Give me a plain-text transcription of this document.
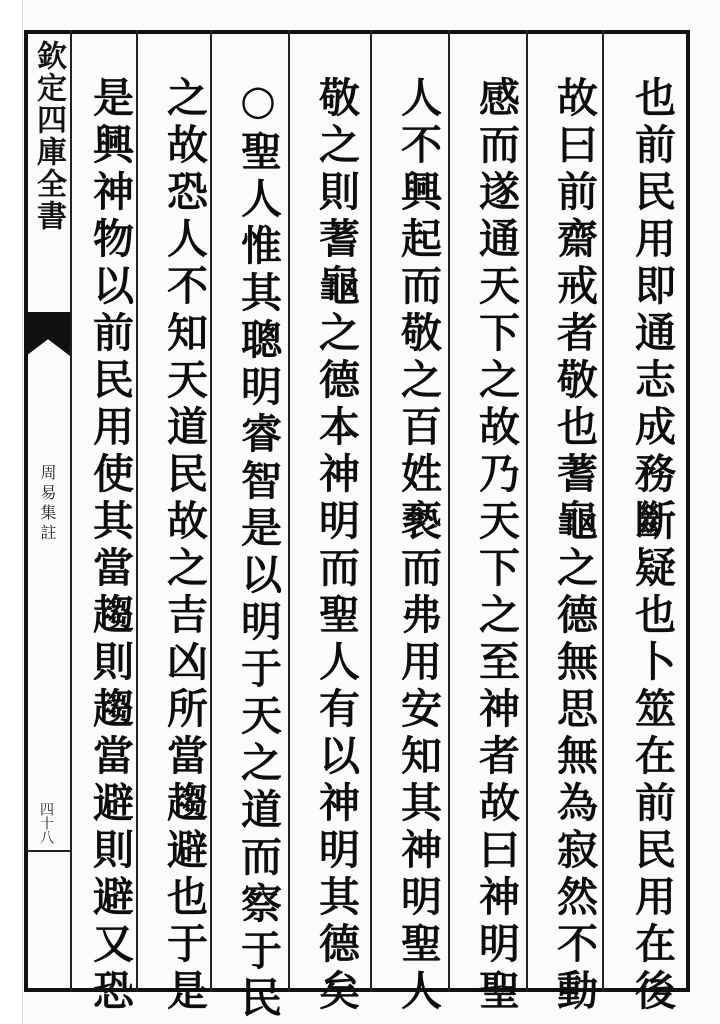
欽定四庫全書
周易集註
四十八	也前民用即通志成務斷疑也卜筮在前民用在後
故曰前齋戒者敬也蓍龜之德無思無為寂然不動
感而遂通天下之故乃天下之至神者故曰神明聖
人不興起而敬之百姓褻而弗用安知其神明聖人
敬之則蓍龜之德本神明而聖人有以神明其德矣
○聖人惟其聰明睿智是以明于天之道而察于民
之故恐人不知天道民故之吉凶所當趨避也于是
是興神物以前民用使其當趨則趨當避則避又恐
